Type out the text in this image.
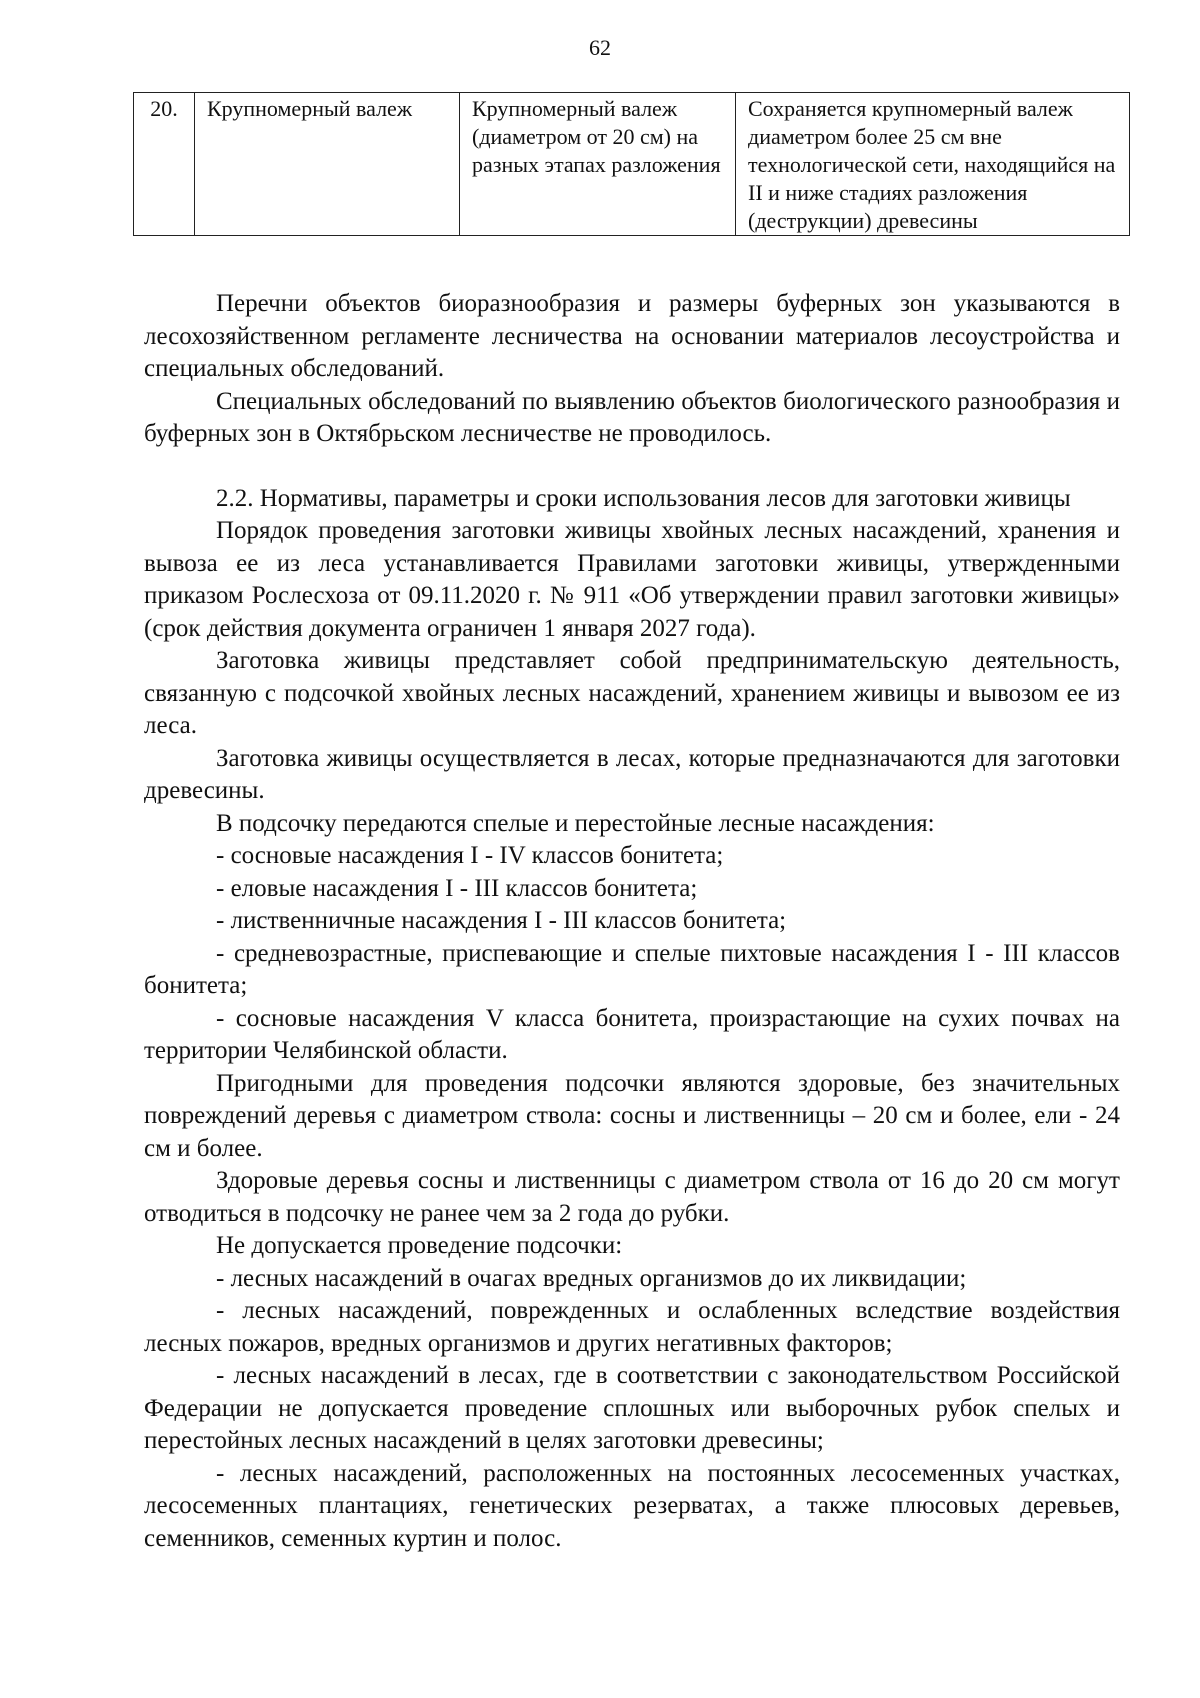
62
20.	Крупномерный валеж	Крупномерный валеж (диаметром от 20 см) на разных этапах разложения	Сохраняется крупномерный валеж диаметром более 25 см вне технологической сети, находящийся на II и ниже стадиях разложения (деструкции) древесины

Перечни объектов биоразнообразия и размеры буферных зон указываются в лесохозяйственном регламенте лесничества на основании материалов лесоустройства и специальных обследований.

Специальных обследований по выявлению объектов биологического разнообразия и буферных зон в Октябрьском лесничестве не проводилось.

2.2. Нормативы, параметры и сроки использования лесов для заготовки живицы

Порядок проведения заготовки живицы хвойных лесных насаждений, хранения и вывоза ее из леса устанавливается Правилами заготовки живицы, утвержденными приказом Рослесхоза от 09.11.2020 г. № 911 «Об утверждении правил заготовки живицы» (срок действия документа ограничен 1 января 2027 года).

Заготовка живицы представляет собой предпринимательскую деятельность, связанную с подсочкой хвойных лесных насаждений, хранением живицы и вывозом ее из леса.

Заготовка живицы осуществляется в лесах, которые предназначаются для заготовки древесины.

В подсочку передаются спелые и перестойные лесные насаждения:

- сосновые насаждения I - IV классов бонитета;

- еловые насаждения I - III классов бонитета;

- лиственничные насаждения I - III классов бонитета;

- средневозрастные, приспевающие и спелые пихтовые насаждения I - III классов бонитета;

- сосновые насаждения V класса бонитета, произрастающие на сухих почвах на территории Челябинской области.

Пригодными для проведения подсочки являются здоровые, без значительных повреждений деревья с диаметром ствола: сосны и лиственницы – 20 см и более, ели - 24 см и более.

Здоровые деревья сосны и лиственницы с диаметром ствола от 16 до 20 см могут отводиться в подсочку не ранее чем за 2 года до рубки.

Не допускается проведение подсочки:

- лесных насаждений в очагах вредных организмов до их ликвидации;

- лесных насаждений, поврежденных и ослабленных вследствие воздействия лесных пожаров, вредных организмов и других негативных факторов;

- лесных насаждений в лесах, где в соответствии с законодательством Российской Федерации не допускается проведение сплошных или выборочных рубок спелых и перестойных лесных насаждений в целях заготовки древесины;

- лесных насаждений, расположенных на постоянных лесосеменных участках, лесосеменных плантациях, генетических резерватах, а также плюсовых деревьев, семенников, семенных куртин и полос.
